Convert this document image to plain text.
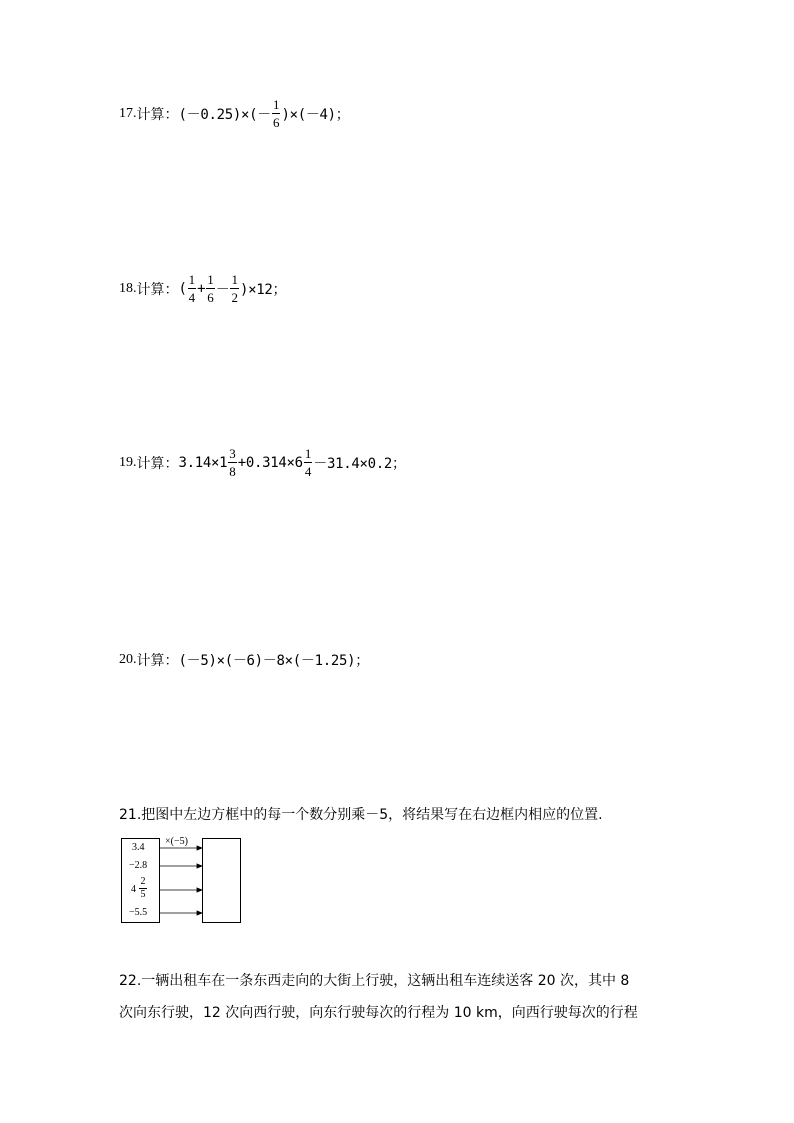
17. 计算： $(-0.25)\times(- \frac{1}{6} )\times(-4)$；
18. 计算： ( $\frac{1}{4} + \frac{1}{6} - \frac{1}{2} )\times 12$；
19. 计算： $3.14\times 1 \frac{3}{8} +0.314\times 6 \frac{1}{4} -31.4\times 0.2$；
20. 计算： (－5)×(－6)－8×(－1.25)；
21.把图中左边方框中的每一个数分别乘－5，将结果写在右边框内相应的位置.
×(−5)
3.4
−2.8
4
2
5
−5.5
22.一辆出租车在一条东西走向的大街上行驶，这辆出租车连续送客 20 次，其中 8
次向东行驶，12 次向西行驶，向东行驶每次的行程为 10 km，向西行驶每次的行程
